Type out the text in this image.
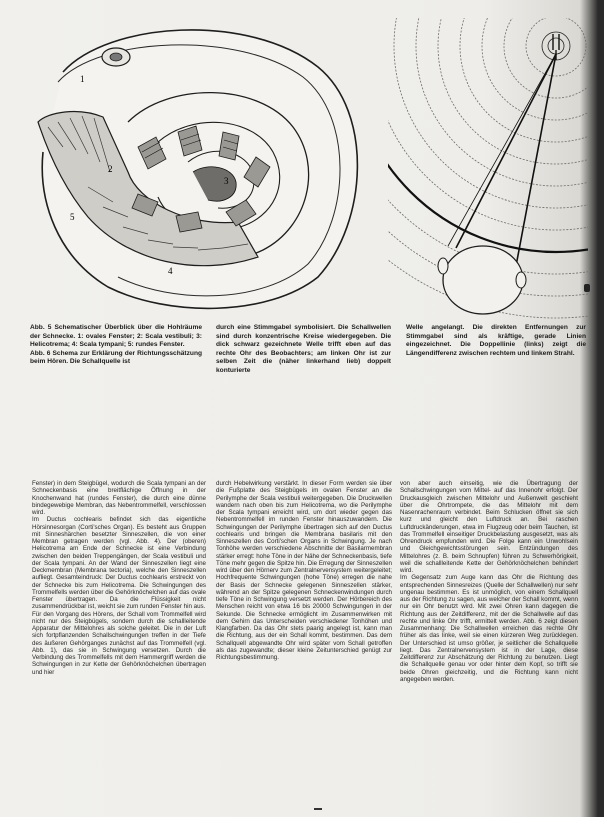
1
2
3
4
5
Abb. 5 Schematischer Überblick über die Hohlräume der Schnecke. 1: ovales Fenster; 2: Scala vestibuli; 3: Helicotrema; 4: Scala tympani; 5: rundes Fenster.
Abb. 6 Schema zur Erklärung der Richtungsschätzung beim Hören. Die Schallquelle ist
durch eine Stimmgabel symbolisiert. Die Schallwellen sind durch konzentrische Kreise wiedergegeben. Die dick schwarz gezeichnete Welle trifft eben auf das rechte Ohr des Beobachters; am linken Ohr ist zur selben Zeit die (näher linkerhand lieb) doppelt konturierte
Welle angelangt. Die direkten Entfernungen zur Stimmgabel sind als kräftige, gerade Linien eingezeichnet. Die Doppellinie (links) zeigt die Längendifferenz zwischen rechtem und linkem Strahl.
Fenster) in dem Steigbügel, wodurch die Scala tympani an der Schneckenbasis eine breitflächige Öffnung in der Knochenwand hat (rundes Fenster), die durch eine dünne bindegewebige Membran, das Nebentrommelfell, verschlossen wird.
Im Ductus cochlearis befindet sich das eigentliche Hörsinnesorgan (Corti'sches Organ). Es besteht aus Gruppen mit Sinneshärchen besetzter Sinneszellen, die von einer Membran getragen werden (vgl. Abb. 4). Der (oberen) Helicotrema am Ende der Schnecke ist eine Verbindung zwischen den beiden Treppengängen, der Scala vestibuli und der Scala tympani. An der Wand der Sinneszellen liegt eine Deckmembran (Membrana tectoria), welche den Sinneszellen aufliegt. Gesamteindruck: Der Ductus cochlearis erstreckt von der Schnecke bis zum Helicotrema. Die Schwingungen des Trommelfells werden über die Gehörknöchelchen auf das ovale Fenster übertragen. Da die Flüssigkeit nicht zusammendrückbar ist, weicht sie zum runden Fenster hin aus.
Für den Vorgang des Hörens, der Schall vom Trommelfell wird nicht nur des Steigbügels, sondern durch die schallleitende Apparatur der Mittelohres als solche geleitet. Die in der Luft sich fortpflanzenden Schallschwingungen treffen in der Tiefe des äußeren Gehörganges zunächst auf das Trommelfell (vgl. Abb. 1), das sie in Schwingung versetzen. Durch die Verbindung des Trommelfells mit dem Hammergriff werden die Schwingungen in zur Kette der Gehörknöchelchen übertragen und hier
durch Hebelwirkung verstärkt. In dieser Form werden sie über die Fußplatte des Steigbügels im ovalen Fenster an die Perilymphe der Scala vestibuli weitergegeben. Die Druckwellen wandern nach oben bis zum Helicotrema, wo die Perilymphe der Scala tympani erreicht wird, um dort wieder gegen das Nebentrommelfell im runden Fenster hinauszuwandern. Die Schwingungen der Perilymphe übertragen sich auf den Ductus cochlearis und bringen die Membrana basilaris mit den Sinneszellen des Corti'schen Organs in Schwingung. Je nach Tonhöhe werden verschiedene Abschnitte der Basilarmembran stärker erregt: hohe Töne in der Nähe der Schneckenbasis, tiefe Töne mehr gegen die Spitze hin. Die Erregung der Sinneszellen wird über den Hörnerv zum Zentralnervensystem weitergeleitet; Hochfrequente Schwingungen (hohe Töne) erregen die nahe der Basis der Schnecke gelegenen Sinneszellen stärker, während an der Spitze gelegenen Schneckenwindungen durch tiefe Töne in Schwingung versetzt werden. Der Hörbereich des Menschen reicht von etwa 16 bis 20000 Schwingungen in der Sekunde. Die Schnecke ermöglicht im Zusammenwirken mit dem Gehirn das Unterscheiden verschiedener Tonhöhen und Klangfarben. Da das Ohr stets paarig angelegt ist, kann man die Richtung, aus der ein Schall kommt, bestimmen. Das dem Schallquell abgewandte Ohr wird später vom Schall getroffen als das zugewandte; dieser kleine Zeitunterschied genügt zur Richtungsbestimmung.
von aber auch einseitig, wie die Übertragung der Schallschwingungen vom Mittel- auf das Innenohr erfolgt. Der Druckausgleich zwischen Mittelohr und Außenwelt geschieht über die Ohrtrompete, die das Mittelohr mit dem Nasenrachenraum verbindet. Beim Schlucken öffnet sie sich kurz und gleicht den Luftdruck an. Bei raschen Luftdruckänderungen, etwa im Flugzeug oder beim Tauchen, ist das Trommelfell einseitiger Druckbelastung ausgesetzt, was als Ohrendruck empfunden wird. Die Folge kann ein Unwohlsein und Gleichgewichtsstörungen sein. Entzündungen des Mittelohres (z. B. beim Schnupfen) führen zu Schwerhörigkeit, weil die schallleitende Kette der Gehörknöchelchen behindert wird.
Im Gegensatz zum Auge kann das Ohr die Richtung des entsprechenden Sinnesreizes (Quelle der Schallwellen) nur sehr ungenau bestimmen. Es ist unmöglich, von einem Schallquell aus der Richtung zu sagen, aus welcher der Schall kommt, wenn nur ein Ohr benutzt wird. Mit zwei Ohren kann dagegen die Richtung aus der Zeitdifferenz, mit der die Schallwelle auf das rechte und linke Ohr trifft, ermittelt werden. Abb. 6 zeigt diesen Zusammenhang: Die Schallwellen erreichen das rechte Ohr früher als das linke, weil sie einen kürzeren Weg zurücklegen. Der Unterschied ist umso größer, je seitlicher die Schallquelle liegt. Das Zentralnervensystem ist in der Lage, diese Zeitdifferenz zur Abschätzung der Richtung zu benutzen. Liegt die Schallquelle genau vor oder hinter dem Kopf, so trifft sie beide Ohren gleichzeitig, und die Richtung kann nicht angegeben werden.
